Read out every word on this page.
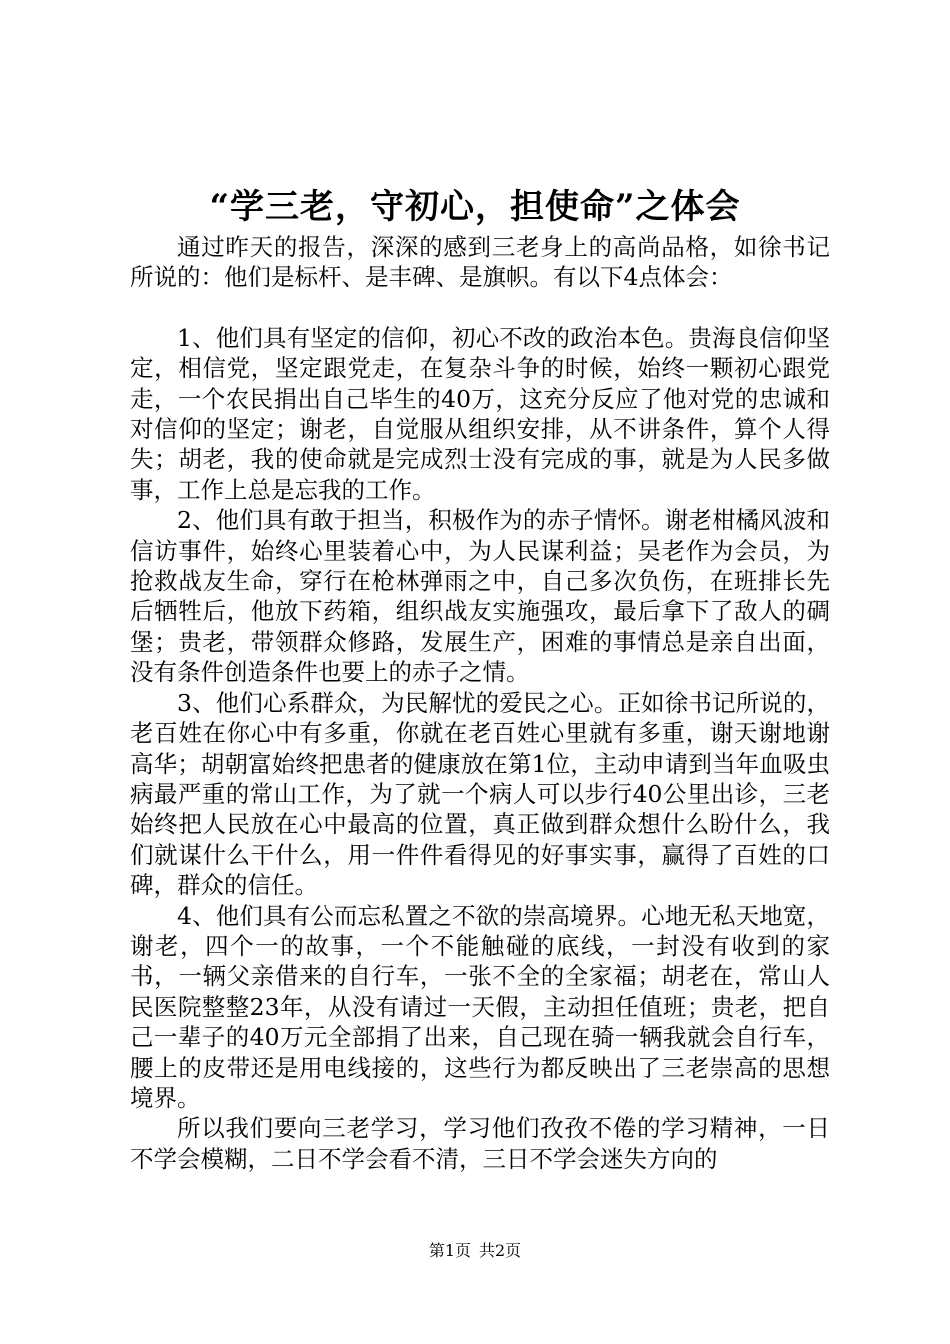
“学三老，守初心，担使命”之体会

通过昨天的报告，深深的感到三老身上的高尚品格，如徐书记所说的：他们是标杆、是丰碑、是旗帜。有以下4点体会：

1、他们具有坚定的信仰，初心不改的政治本色。贵海良信仰坚定，相信党，坚定跟党走，在复杂斗争的时候，始终一颗初心跟党走，一个农民捐出自己毕生的40万，这充分反应了他对党的忠诚和对信仰的坚定；谢老，自觉服从组织安排，从不讲条件，算个人得失；胡老，我的使命就是完成烈士没有完成的事，就是为人民多做事，工作上总是忘我的工作。

2、他们具有敢于担当，积极作为的赤子情怀。谢老柑橘风波和信访事件，始终心里装着心中，为人民谋利益；吴老作为会员，为抢救战友生命，穿行在枪林弹雨之中，自己多次负伤，在班排长先后牺牲后，他放下药箱，组织战友实施强攻，最后拿下了敌人的碉堡；贵老，带领群众修路，发展生产，困难的事情总是亲自出面，没有条件创造条件也要上的赤子之情。

3、他们心系群众，为民解忧的爱民之心。正如徐书记所说的，老百姓在你心中有多重，你就在老百姓心里就有多重，谢天谢地谢高华；胡朝富始终把患者的健康放在第1位，主动申请到当年血吸虫病最严重的常山工作，为了就一个病人可以步行40公里出诊，三老始终把人民放在心中最高的位置，真正做到群众想什么盼什么，我们就谋什么干什么，用一件件看得见的好事实事，赢得了百姓的口碑，群众的信任。

4、他们具有公而忘私置之不欲的崇高境界。心地无私天地宽，谢老，四个一的故事，一个不能触碰的底线，一封没有收到的家书，一辆父亲借来的自行车，一张不全的全家福；胡老在，常山人民医院整整23年，从没有请过一天假，主动担任值班；贵老，把自己一辈子的40万元全部捐了出来，自己现在骑一辆我就会自行车，腰上的皮带还是用电线接的，这些行为都反映出了三老崇高的思想境界。

所以我们要向三老学习，学习他们孜孜不倦的学习精神，一日不学会模糊，二日不学会看不清，三日不学会迷失方向的

第1页 共2页
